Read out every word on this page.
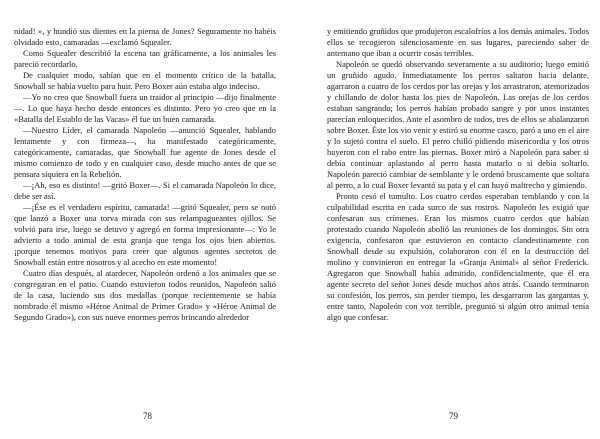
nidad! », y hundió sus dientes en la pierna de Jones? Seguramente no habéis olvidado esto, camaradas —exclamó Squealer.

Como Squealer describió la escena tan gráficamente, a los animales les pareció recordarlo.

De cualquier modo, sabían que en el momento crítico de la batalla, Snowball se había vuelto para huir. Pero Boxer aún estaba algo indeciso.

—Yo no creo que Snowball fuera un traidor al principio —dijo finalmente—. Lo que haya hecho desde entonces es distinto. Pero yo creo que en la «Batalla del Establo de las Vacas» él fue un buen camarada.

—Nuestro Líder, el camarada Napoleón —anunció Squealer, hablando lentamente y con firmeza—, ha manifestado categóricamente, categóricamente, camaradas, que Snowball fue agente de Jones desde el mismo comienzo de todo y en cualquier caso, desde mucho antes de que se pensara siquiera en la Rebelión.

—¡Ah, eso es distinto! —gritó Boxer—. Si el camarada Napoleón lo dice, debe ser así.

—¡Ése es el verdadero espíritu, camarada! —gritó Squealer, pero se notó que lanzó a Boxer una torva mirada con sus relampagueantes ojillos. Se volvió para irse, luego se detuvo y agregó en forma impresionante—: Yo le advierto a todo animal de esta granja que tenga los ojos bien abiertos. ¡porque tenemos motivos para creer que algunos agentes secretos de Snowball están entre nosotros y al acecho en este momento!

Cuatro días después, al atardecer, Napoleón ordenó a los animales que se congregaran en el patio. Cuando estuvieron todos reunidos, Napoleón salió de la casa, luciendo sus dos medallas (porque recientemente se había nombrado él mismo «Héroe Animal de Primer Grado» y «Héroe Animal de Segundo Grado»), con sus nueve enormes perros brincando alrededor

y emitiendo gruñidos que produjeron escalofríos a los demás animales. Todos ellos se recogieron silenciosamente en sus lugares, pareciendo saber de antemano que iban a ocurrir cosas terribles.

Napoleón se quedó observando severamente a su auditorio; luego emitió un gruñido agudo. Inmediatamente los perros saltaron hacia delante, agarraron a cuatro de los cerdos por las orejas y los arrastraron, atemorizados y chillando de dolor hasta los pies de Napoleón. Las orejas de los cerdos estaban sangrando; los perros habían probado sangre y por unos instantes parecían enloquecidos. Ante el asombro de todos, tres de ellos se abalanzaron sobre Boxer. Éste los vio venir y estiró su enorme casco, paró a uno en el aire y lo sujetó contra el suelo. El perro chilló pidiendo misericordia y los otros huyeron con el rabo entre las piernas. Boxer miró a Napoleón para saber si debía continuar aplastando al perro hasta matarlo o si debía soltarlo. Napoleón pareció cambiar de semblante y le ordenó bruscamente que soltara al perro, a lo cual Boxer levantó su pata y el can huyó maltrecho y gimiendo.

Pronto cesó el tumulto. Los cuatro cerdos esperaban temblando y con la culpabilidad escrita en cada surco de sus rostros. Napoleón les exigió que confesaran sus crímenes. Eran los mismos cuatro cerdos que habían protestado cuando Napoleón abolió las reuniones de los domingos. Sin otra exigencia, confesaron que estuvieron en contacto clandestinamente con Snowball desde su expulsión, colaboraron con él en la destrucción del molino y convinieron en entregar la «Granja Animal» al señor Frederick. Agregaron que Snowball había admitido, confidencialmente, que él era agente secreto del señor Jones desde muchos años atrás. Cuando terminaron su confesión, los perros, sin perder tiempo, les desgarraron las gargantas y, entre tanto, Napoleón con voz terrible, preguntó si algún otro animal tenía algo que confesar.

78	79
